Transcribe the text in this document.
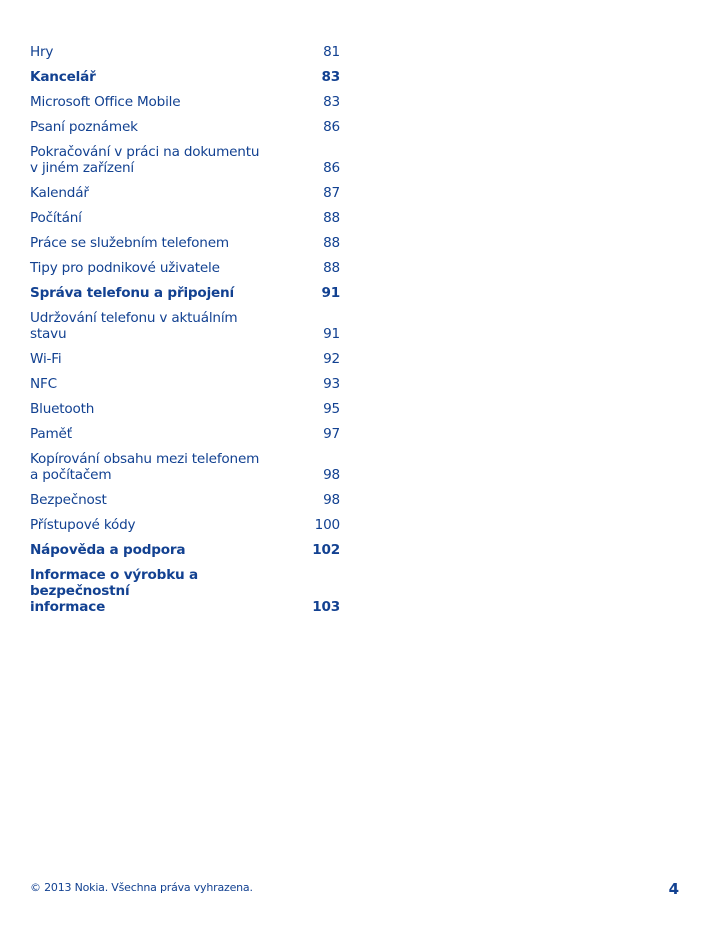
Hry	81
Kancelář	83
Microsoft Office Mobile	83
Psaní poznámek	86
Pokračování v práci na dokumentu
v jiném zařízení	86
Kalendář	87
Počítání	88
Práce se služebním telefonem	88
Tipy pro podnikové uživatele	88
Správa telefonu a připojení	91
Udržování telefonu v aktuálním stavu	91
Wi-Fi	92
NFC	93
Bluetooth	95
Paměť	97
Kopírování obsahu mezi telefonem
a počítačem	98
Bezpečnost	98
Přístupové kódy	100
Nápověda a podpora	102
Informace o výrobku a bezpečnostní
informace	103
© 2013 Nokia. Všechna práva vyhrazena.	4
